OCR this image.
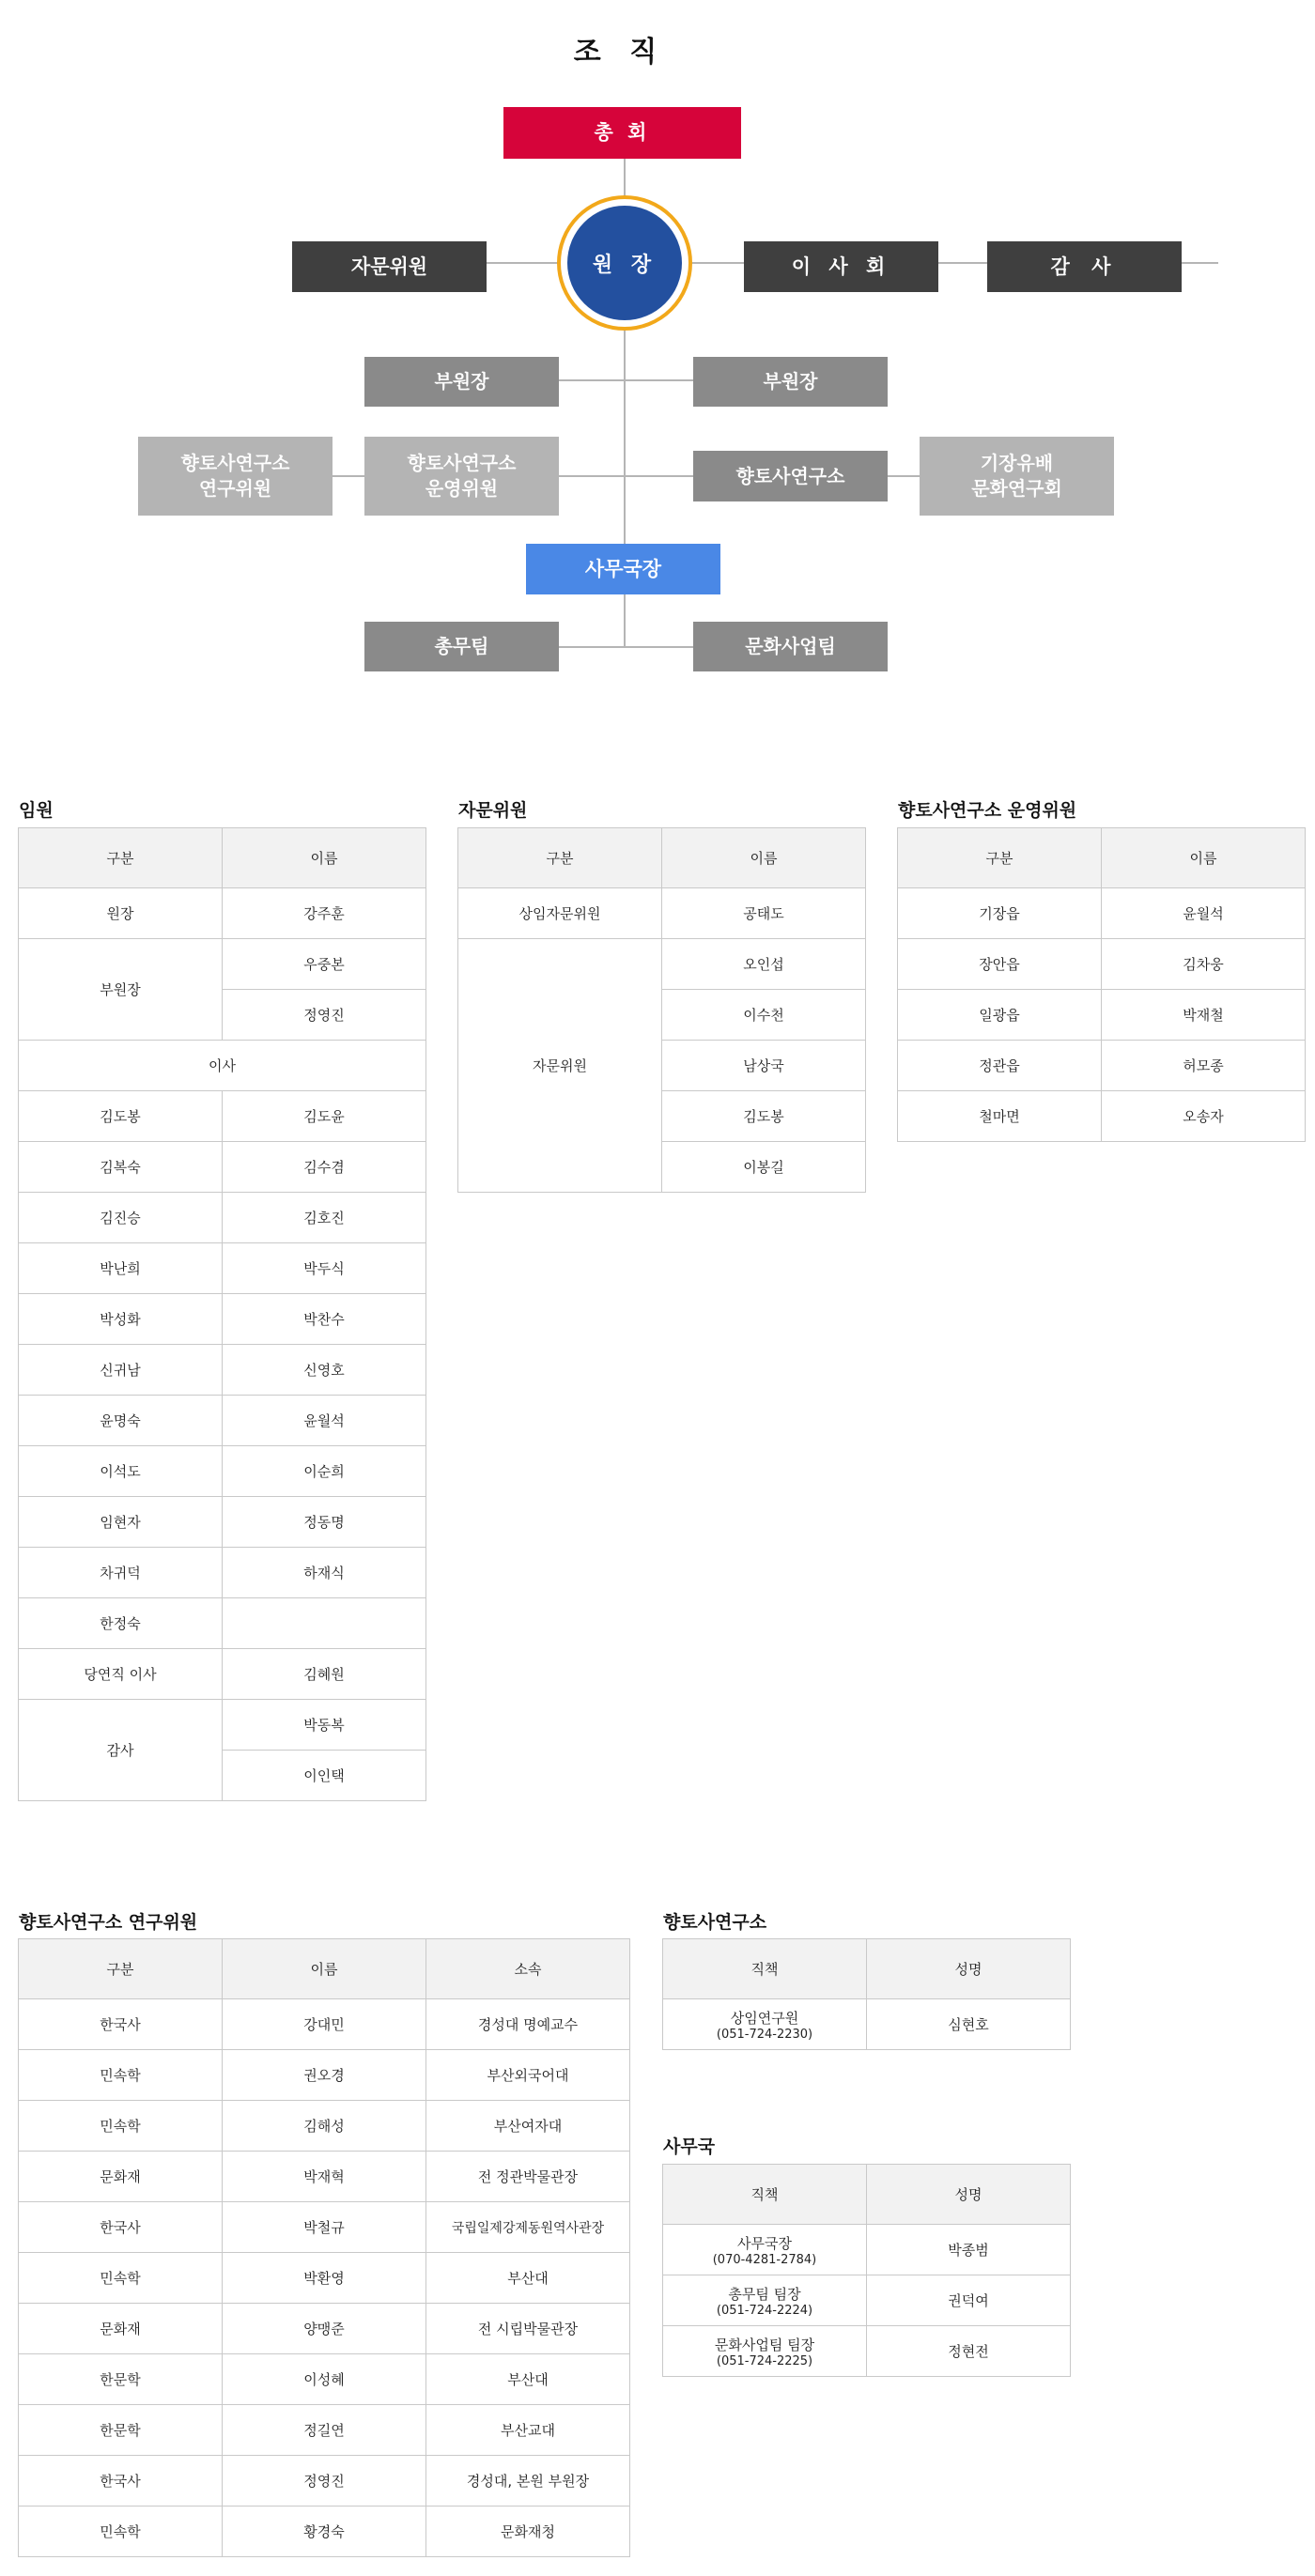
조 직
총 회
원 장
자문위원	이 사 회	감 사
부원장	부원장
향토사연구소
연구위원
향토사연구소
운영위원
향토사연구소
기장유배
문화연구회
사무국장
총무팀	문화사업팀
임원
구분	이름
원장	강주훈
부원장	우중본
	정영진
이사	
김도봉	김도윤
김복숙	김수겸
김진승	김호진
박난희	박두식
박성화	박찬수
신귀남	신영호
윤명숙	윤월석
이석도	이순희
임현자	정동명
차귀덕	하재식
한정숙	
당연직 이사	김혜원
감사	박동복
	이인택
자문위원
구분	이름
상임자문위원	공태도
자문위원	오인섭
	이수천
	남상국
	김도봉
	이봉길
향토사연구소 운영위원
구분	이름
기장읍	윤월석
장안읍	김차웅
일광읍	박재철
정관읍	허모종
철마면	오송자
향토사연구소 연구위원
구분	이름	소속
한국사	강대민	경성대 명예교수
민속학	권오경	부산외국어대
민속학	김해성	부산여자대
문화재	박재혁	전 정관박물관장
한국사	박철규	국립일제강제동원역사관장
민속학	박환영	부산대
문화재	양맹준	전 시립박물관장
한문학	이성혜	부산대
한문학	정길연	부산교대
한국사	정영진	경성대, 본원 부원장
민속학	황경숙	문화재청
향토사연구소
직책	성명
상임연구원
(051-724-2230)	심현호
사무국
직책	성명
사무국장
(070-4281-2784)	박종범
총무팀 팀장
(051-724-2224)	권덕여
문화사업팀 팀장
(051-724-2225)	정현전
